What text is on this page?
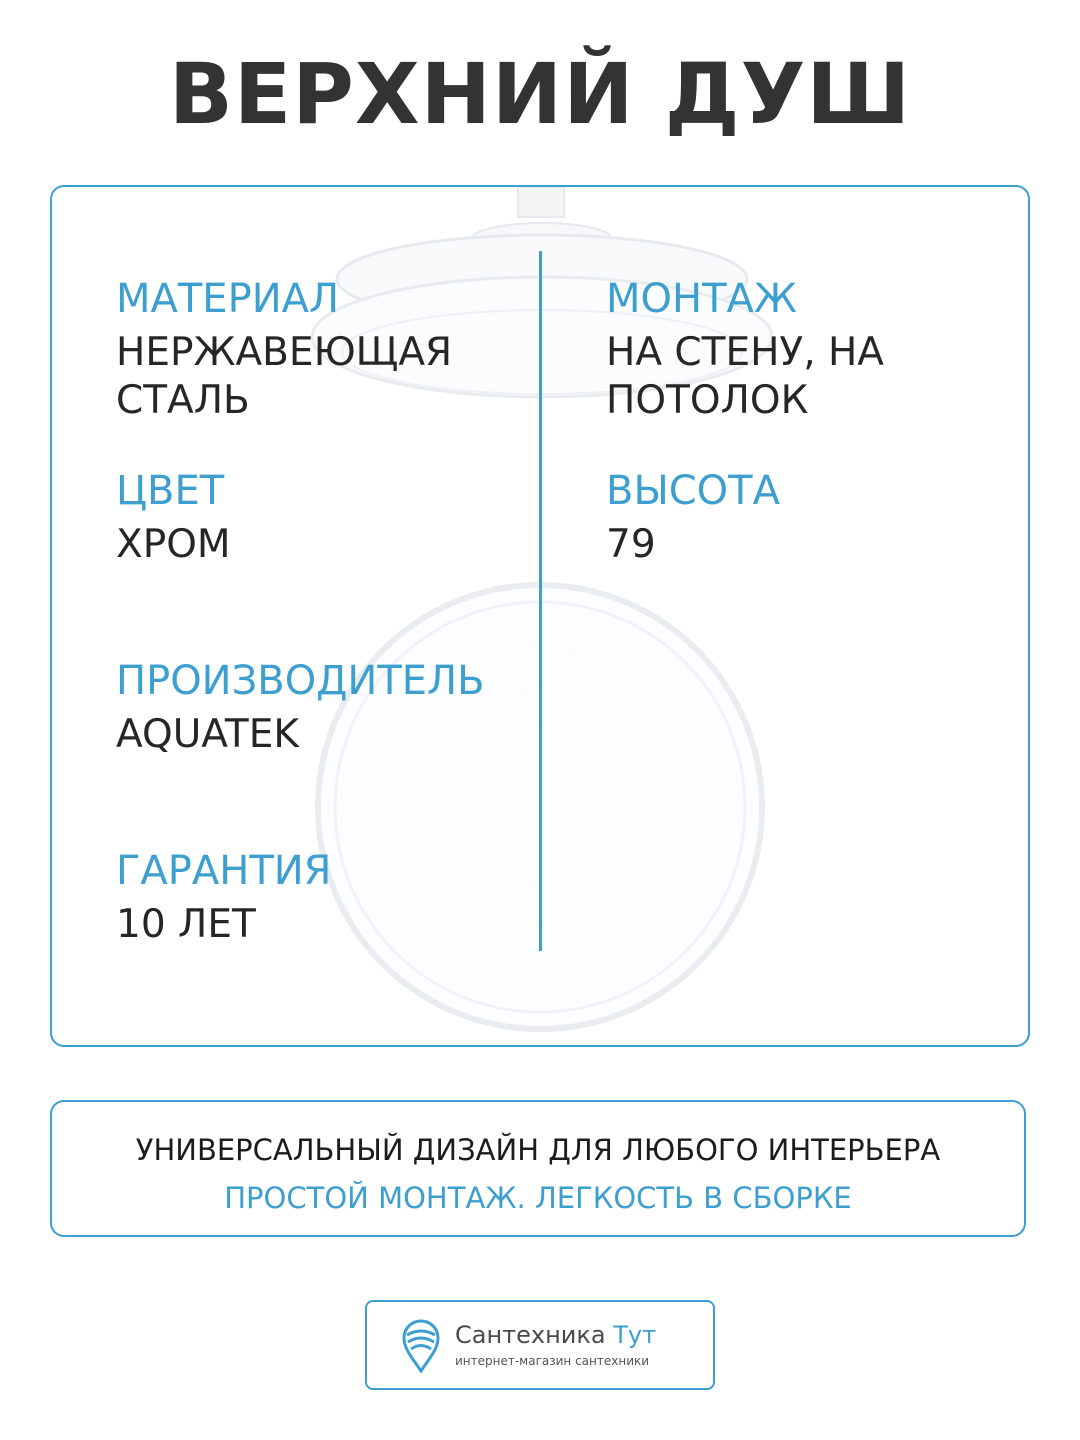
ВЕРХНИЙ ДУШ
МАТЕРИАЛ
НЕРЖАВЕЮЩАЯ СТАЛЬ
МОНТАЖ
НА СТЕНУ, НА ПОТОЛОК
ЦВЕТ
ХРОМ
ВЫСОТА
79
ПРОИЗВОДИТЕЛЬ
AQUATEK
ГАРАНТИЯ
10 ЛЕТ
УНИВЕРСАЛЬНЫЙ ДИЗАЙН ДЛЯ ЛЮБОГО ИНТЕРЬЕРА
ПРОСТОЙ МОНТАЖ. ЛЕГКОСТЬ В СБОРКЕ
Сантехника Тут
интернет-магазин сантехники
